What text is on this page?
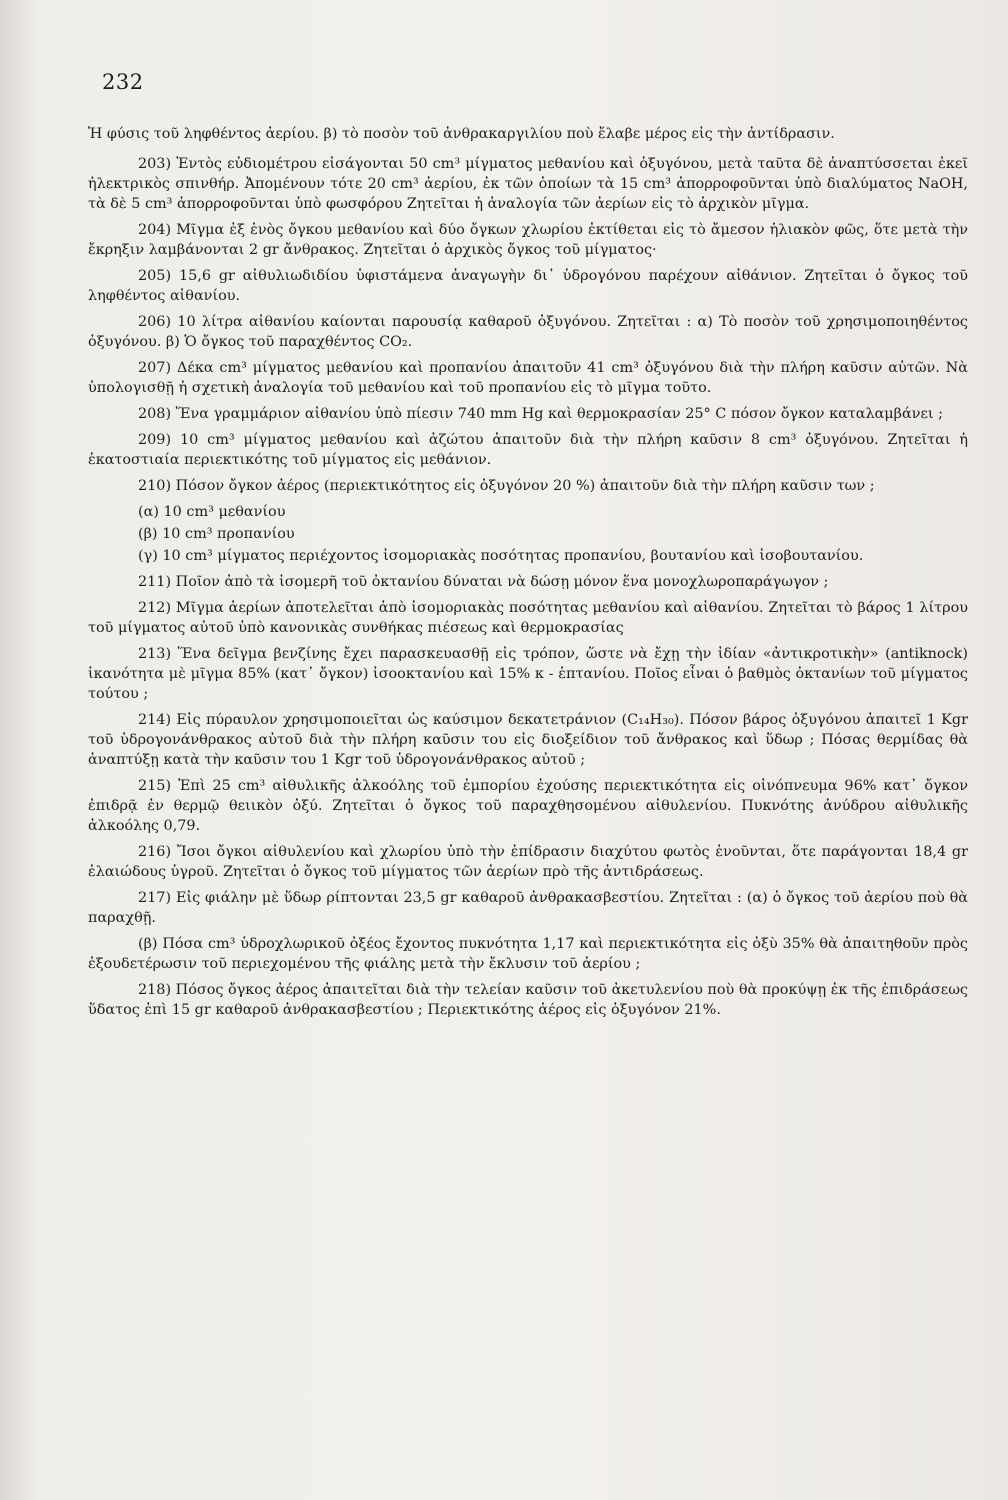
232

Ἡ φύσις τοῦ ληφθέντος ἀερίου. β) τὸ ποσὸν τοῦ ἀνθρακαργιλίου ποὺ ἔλαβε μέρος εἰς τὴν ἀντίδρασιν.

203) Ἐντὸς εὐδιομέτρου εἰσάγονται 50 cm³ μίγματος μεθανίου καὶ ὀξυγόνου, μετὰ ταῦτα δὲ ἀναπτύσσεται ἐκεῖ ἠλεκτρικὸς σπινθήρ. Ἀπομένουν τότε 20 cm³ ἀερίου, ἐκ τῶν ὁποίων τὰ 15 cm³ ἀπορροφοῦνται ὑπὸ διαλύματος NaOH, τὰ δὲ 5 cm³ ἀπορροφοῦνται ὑπὸ φωσφόρου Ζητεῖται ἡ ἀναλογία τῶν ἀερίων εἰς τὸ ἀρχικὸν μῖγμα.

204) Μῖγμα ἐξ ἑνὸς ὄγκου μεθανίου καὶ δύο ὄγκων χλωρίου ἐκτίθεται εἰς τὸ ἄμεσον ἡλιακὸν φῶς, ὅτε μετὰ τὴν ἔκρηξιν λαμβάνονται 2 gr ἄνθρακος. Ζητεῖται ὁ ἀρχικὸς ὄγκος τοῦ μίγματος·

205) 15,6 gr αἰθυλιωδιδίου ὑφιστάμενα ἀναγωγὴν δι᾽ ὑδρογόνου παρέχουν αἰθάνιον. Ζητεῖται ὁ ὄγκος τοῦ ληφθέντος αἰθανίου.

206) 10 λίτρα αἰθανίου καίονται παρουσίᾳ καθαροῦ ὀξυγόνου. Ζητεῖται : α) Τὸ ποσὸν τοῦ χρησιμοποιηθέντος ὀξυγόνου. β) Ὁ ὄγκος τοῦ παραχθέντος CO₂.

207) Δέκα cm³ μίγματος μεθανίου καὶ προπανίου ἀπαιτοῦν 41 cm³ ὀξυγόνου διὰ τὴν πλήρη καῦσιν αὐτῶν. Νὰ ὑπολογισθῇ ἡ σχετικὴ ἀναλογία τοῦ μεθανίου καὶ τοῦ προπανίου εἰς τὸ μῖγμα τοῦτο.

208) Ἕνα γραμμάριον αἰθανίου ὑπὸ πίεσιν 740 mm Hg καὶ θερμοκρασίαν 25° C πόσον ὄγκον καταλαμβάνει ;

209) 10 cm³ μίγματος μεθανίου καὶ ἀζώτου ἀπαιτοῦν διὰ τὴν πλήρη καῦσιν 8 cm³ ὀξυγόνου. Ζητεῖται ἡ ἑκατοστιαία περιεκτικότης τοῦ μίγματος εἰς μεθάνιον.

210) Πόσον ὄγκον ἀέρος (περιεκτικότητος εἰς ὀξυγόνον 20 %) ἀπαιτοῦν διὰ τὴν πλήρη καῦσιν των ;

(α) 10 cm³ μεθανίου

(β) 10 cm³ προπανίου

(γ) 10 cm³ μίγματος περιέχοντος ἰσομοριακὰς ποσότητας προπανίου, βουτανίου καὶ ἰσοβουτανίου.

211) Ποῖον ἀπὸ τὰ ἰσομερῆ τοῦ ὀκτανίου δύναται νὰ δώσῃ μόνον ἕνα μονοχλωροπαράγωγον ;

212) Μῖγμα ἀερίων ἀποτελεῖται ἀπὸ ἰσομοριακὰς ποσότητας μεθανίου καὶ αἰθανίου. Ζητεῖται τὸ βάρος 1 λίτρου τοῦ μίγματος αὐτοῦ ὑπὸ κανονικὰς συνθήκας πιέσεως καὶ θερμοκρασίας

213) Ἕνα δεῖγμα βενζίνης ἔχει παρασκευασθῇ εἰς τρόπον, ὥστε νὰ ἔχῃ τὴν ἰδίαν «ἀντικροτικὴν» (antiknock) ἱκανότητα μὲ μῖγμα 85% (κατ᾽ ὄγκον) ἰσοοκτανίου καὶ 15% κ - ἑπτανίου. Ποῖος εἶναι ὁ βαθμὸς ὀκτανίων τοῦ μίγματος τούτου ;

214) Εἰς πύραυλον χρησιμοποιεῖται ὡς καύσιμον δεκατετράνιον (C₁₄H₃₀). Πόσον βάρος ὀξυγόνου ἀπαιτεῖ 1 Kgr τοῦ ὑδρογονάνθρακος αὐτοῦ διὰ τὴν πλήρη καῦσιν του εἰς διοξείδιον τοῦ ἄνθρακος καὶ ὕδωρ ; Πόσας θερμίδας θὰ ἀναπτύξῃ κατὰ τὴν καῦσιν του 1 Kgr τοῦ ὑδρογονάνθρακος αὐτοῦ ;

215) Ἐπὶ 25 cm³ αἰθυλικῆς ἀλκοόλης τοῦ ἐμπορίου ἐχούσης περιεκτικότητα εἰς οἰνόπνευμα 96% κατ᾽ ὄγκον ἐπιδρᾷ ἐν θερμῷ θειικὸν ὀξύ. Ζητεῖται ὁ ὄγκος τοῦ παραχθησομένου αἰθυλενίου. Πυκνότης ἀνύδρου αἰθυλικῆς ἀλκοόλης 0,79.

216) Ἴσοι ὄγκοι αἰθυλενίου καὶ χλωρίου ὑπὸ τὴν ἐπίδρασιν διαχύτου φωτὸς ἑνοῦνται, ὅτε παράγονται 18,4 gr ἐλαιώδους ὑγροῦ. Ζητεῖται ὁ ὄγκος τοῦ μίγματος τῶν ἀερίων πρὸ τῆς ἀντιδράσεως.

217) Εἰς φιάλην μὲ ὕδωρ ρίπτονται 23,5 gr καθαροῦ ἀνθρακασβεστίου. Ζητεῖται : (α) ὁ ὄγκος τοῦ ἀερίου ποὺ θὰ παραχθῇ.

(β) Πόσα cm³ ὑδροχλωρικοῦ ὀξέος ἔχοντος πυκνότητα 1,17 καὶ περιεκτικότητα εἰς ὀξὺ 35% θὰ ἀπαιτηθοῦν πρὸς ἐξουδετέρωσιν τοῦ περιεχομένου τῆς φιάλης μετὰ τὴν ἔκλυσιν τοῦ ἀερίου ;

218) Πόσος ὄγκος ἀέρος ἀπαιτεῖται διὰ τὴν τελείαν καῦσιν τοῦ ἀκετυλενίου ποὺ θὰ προκύψῃ ἐκ τῆς ἐπιδράσεως ὕδατος ἐπὶ 15 gr καθαροῦ ἀνθρακασβεστίου ; Περιεκτικότης ἀέρος εἰς ὀξυγόνον 21%.
